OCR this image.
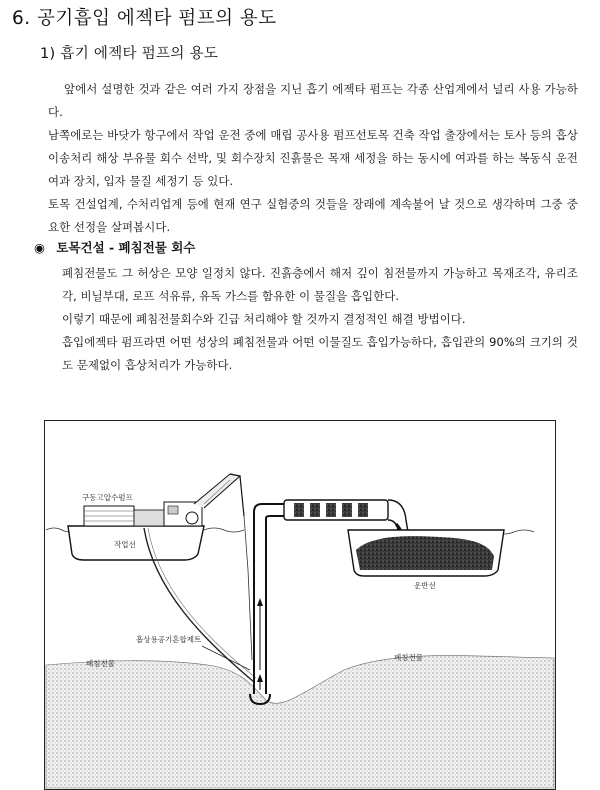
6. 공기흡입 에젝타 펌프의 용도
1) 흡기 에젝타 펌프의 용도

앞에서 설명한 것과 같은 여러 가지 장점을 지닌 흡기 에젝타 펌프는 각종 산업계에서 널리 사용 가능하다.

남쪽에로는 바닷가 항구에서 작업 운전 중에 매립 공사용 펌프선토목 건축 작업 출장에서는 토사 등의 흡상 이송처리 해상 부유물 회수 선박, 및 회수장치 진흙물은 목재 세정을 하는 동시에 여과를 하는 복동식 운전 여과 장치, 입자 물질 세정기 등 있다.

토목 건설업계, 수처리업계 등에 현재 연구 실험중의 것들을 장래에 계속불어 날 것으로 생각하며 그중 중요한 선정을 살펴봅시다.

◉ 토목건설 - 폐침전물 회수

폐침전물도 그 허상은 모양 일정치 않다. 진흙층에서 해저 깊이 침전물까지 가능하고 목재조각, 유리조각, 비닐부대, 로프 석유류, 유독 가스를 함유한 이 물질을 흡입한다.

이렇기 때문에 폐침전물회수와 긴급 처리해야 할 것까지 결정적인 해결 방법이다.

흡입에젝타 펌프라면 어떤 성상의 폐침전물과 어떤 이물질도 흡입가능하다, 흡입관의 90%의 크기의 것도 문제없이 흡상처리가 가능하다.

구동고압수펌프
작업선
운반선
흡상용공기혼합제트
폐침전물
폐침전물
